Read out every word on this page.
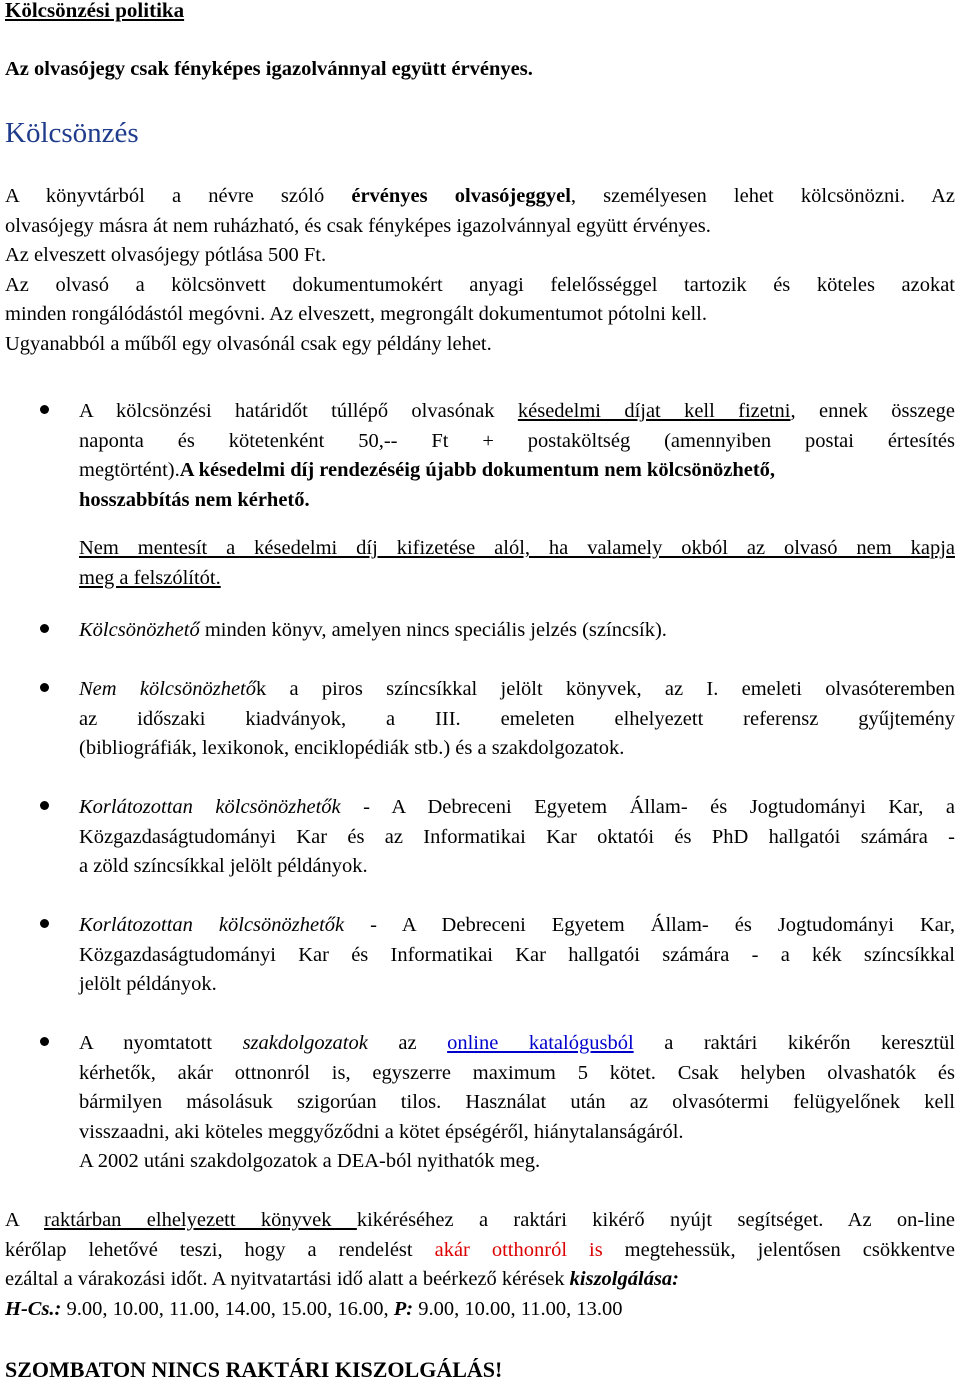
Kölcsönzési politika
Az olvasójegy csak fényképes igazolvánnyal együtt érvényes.
Kölcsönzés
A könyvtárból a névre szóló érvényes olvasójeggyel, személyesen lehet kölcsönözni. Az
olvasójegy másra át nem ruházható, és csak fényképes igazolvánnyal együtt érvényes.
Az elveszett olvasójegy pótlása 500 Ft.
Az olvasó a kölcsönvett dokumentumokért anyagi felelősséggel tartozik és köteles azokat
minden rongálódástól megóvni. Az elveszett, megrongált dokumentumot pótolni kell.
Ugyanabból a műből egy olvasónál csak egy példány lehet.
A kölcsönzési határidőt túllépő olvasónak késedelmi díjat kell fizetni, ennek összege
naponta és kötetenként 50,-- Ft + postaköltség (amennyiben postai értesítés
megtörtént).A késedelmi díj rendezéséig újabb dokumentum nem kölcsönözhető,
hosszabbítás nem kérhető.
Nem mentesít a késedelmi díj kifizetése alól, ha valamely okból az olvasó nem kapja
meg a felszólítót.
Kölcsönözhető minden könyv, amelyen nincs speciális jelzés (színcsík).
Nem kölcsönözhetők a piros színcsíkkal jelölt könyvek, az I. emeleti olvasóteremben
az időszaki kiadványok, a III. emeleten elhelyezett referensz gyűjtemény
(bibliográfiák, lexikonok, enciklopédiák stb.) és a szakdolgozatok.
Korlátozottan kölcsönözhetők - A Debreceni Egyetem Állam- és Jogtudományi Kar, a
Közgazdaságtudományi Kar és az Informatikai Kar oktatói és PhD hallgatói számára -
a zöld színcsíkkal jelölt példányok.
Korlátozottan kölcsönözhetők - A Debreceni Egyetem Állam- és Jogtudományi Kar,
Közgazdaságtudományi Kar és Informatikai Kar hallgatói számára - a kék színcsíkkal
jelölt példányok.
A nyomtatott szakdolgozatok az online katalógusból a raktári kikérőn keresztül
kérhetők, akár ottnonról is, egyszerre maximum 5 kötet. Csak helyben olvashatók és
bármilyen másolásuk szigorúan tilos. Használat után az olvasótermi felügyelőnek kell
visszaadni, aki köteles meggyőződni a kötet épségéről, hiánytalanságáról.
A 2002 utáni szakdolgozatok a DEA-ból nyithatók meg.
A raktárban elhelyezett könyvek kikéréséhez a raktári kikérő nyújt segítséget. Az on-line
kérőlap lehetővé teszi, hogy a rendelést akár otthonról is megtehessük, jelentősen csökkentve
ezáltal a várakozási időt. A nyitvatartási idő alatt a beérkező kérések kiszolgálása:
H-Cs.: 9.00, 10.00, 11.00, 14.00, 15.00, 16.00, P: 9.00, 10.00, 11.00, 13.00
SZOMBATON NINCS RAKTÁRI KISZOLGÁLÁS!
